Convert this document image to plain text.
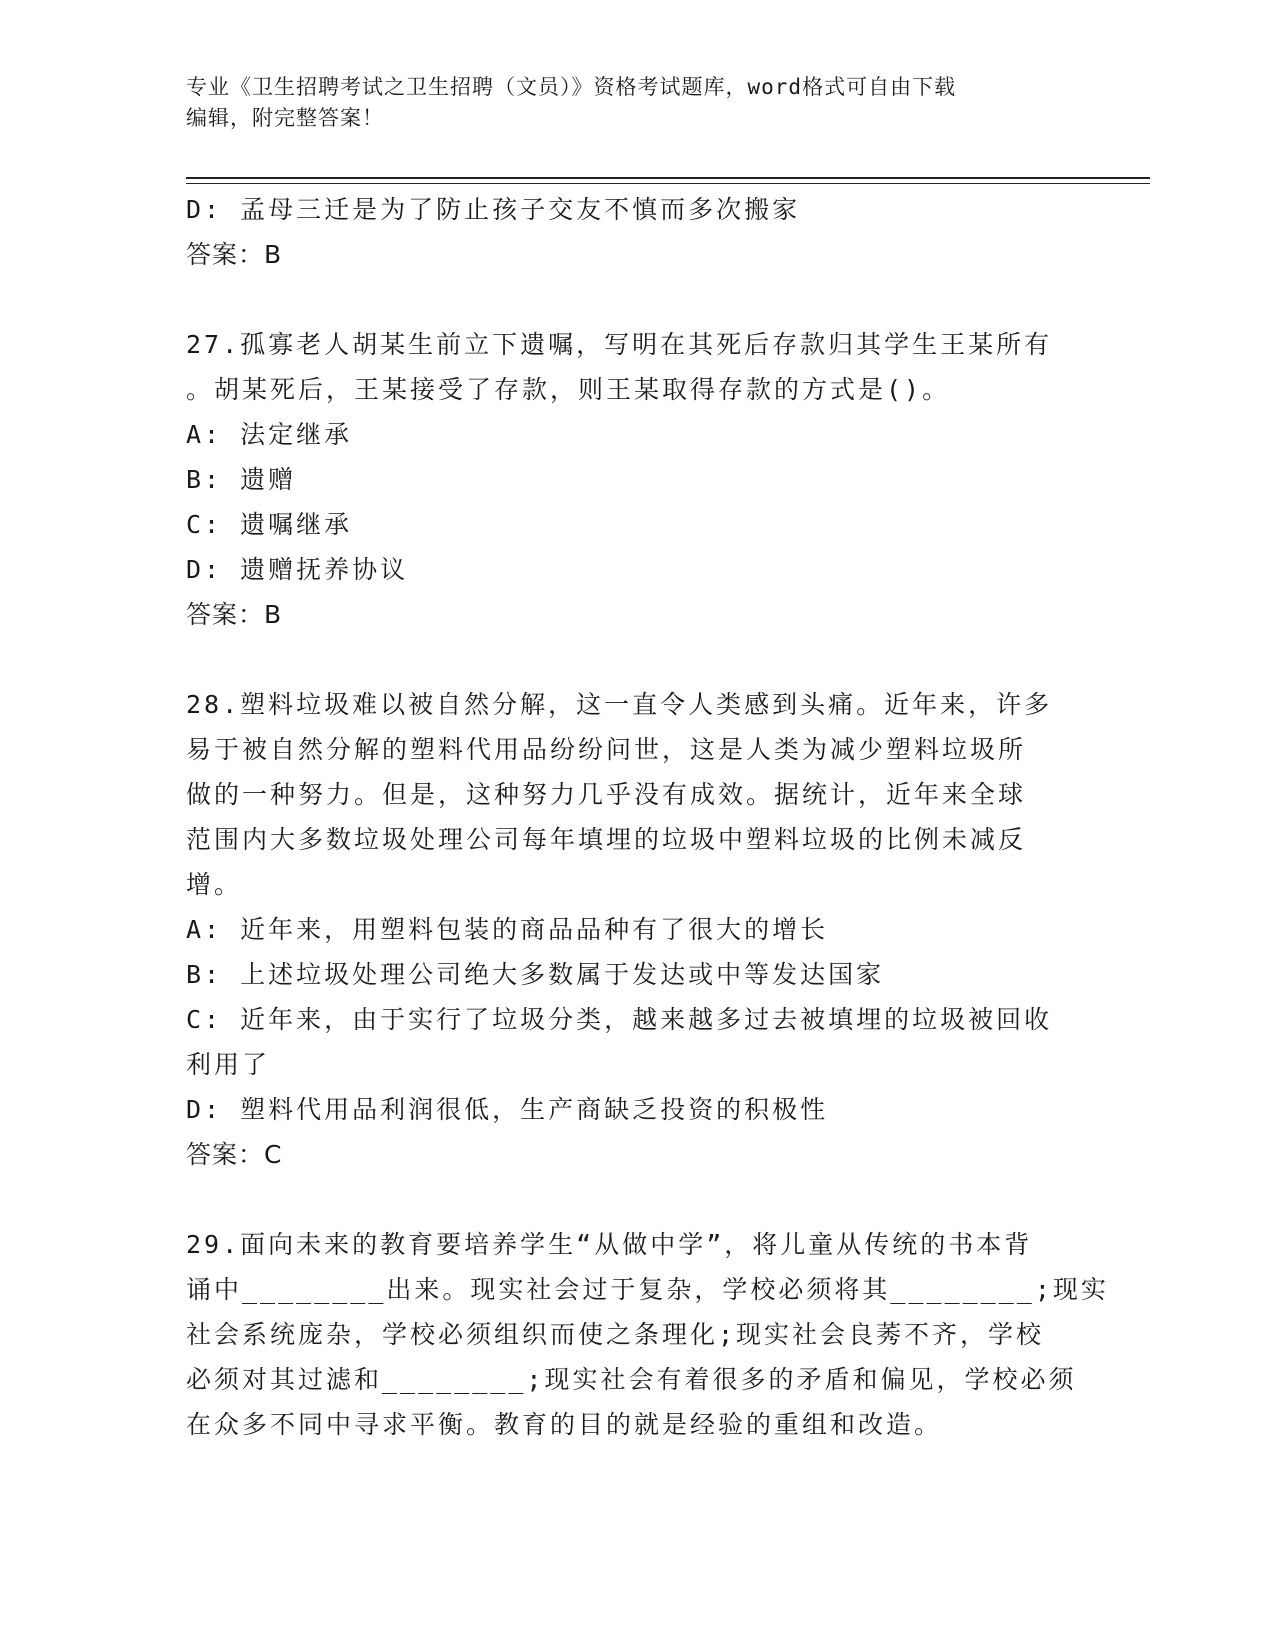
专业《卫生招聘考试之卫生招聘（文员）》资格考试题库，word格式可自由下载
编辑，附完整答案！
D: 孟母三迁是为了防止孩子交友不慎而多次搬家
答案：B
27.孤寡老人胡某生前立下遗嘱，写明在其死后存款归其学生王某所有
。胡某死后，王某接受了存款，则王某取得存款的方式是()。
A: 法定继承
B: 遗赠
C: 遗嘱继承
D: 遗赠抚养协议
答案：B
28.塑料垃圾难以被自然分解，这一直令人类感到头痛。近年来，许多
易于被自然分解的塑料代用品纷纷问世，这是人类为减少塑料垃圾所
做的一种努力。但是，这种努力几乎没有成效。据统计，近年来全球
范围内大多数垃圾处理公司每年填埋的垃圾中塑料垃圾的比例未减反
增。
A: 近年来，用塑料包装的商品品种有了很大的增长
B: 上述垃圾处理公司绝大多数属于发达或中等发达国家
C: 近年来，由于实行了垃圾分类，越来越多过去被填埋的垃圾被回收
利用了
D: 塑料代用品利润很低，生产商缺乏投资的积极性
答案：C
29.面向未来的教育要培养学生“从做中学”，将儿童从传统的书本背
诵中________出来。现实社会过于复杂，学校必须将其________;现实
社会系统庞杂，学校必须组织而使之条理化;现实社会良莠不齐，学校
必须对其过滤和________;现实社会有着很多的矛盾和偏见，学校必须
在众多不同中寻求平衡。教育的目的就是经验的重组和改造。
